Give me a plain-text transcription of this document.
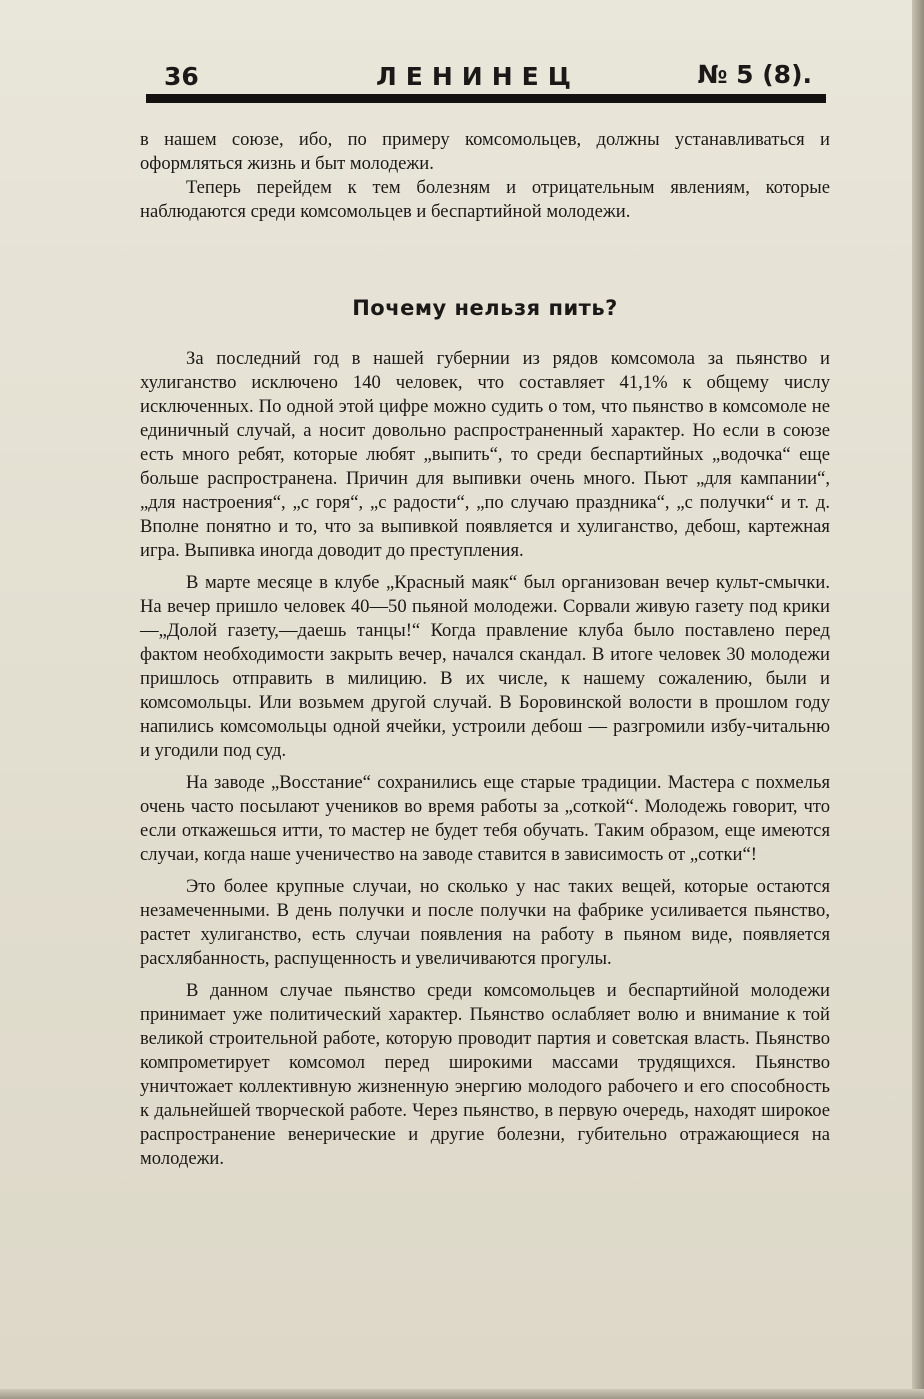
36	ЛЕНИНЕЦ	№ 5 (8).

в нашем союзе, ибо, по примеру комсомольцев, должны устанавливаться и оформляться жизнь и быт молодежи.

Теперь перейдем к тем болезням и отрицательным явлениям, которые наблюдаются среди комсомольцев и беспартийной молодежи.

Почему нельзя пить?

За последний год в нашей губернии из рядов комсомола за пьянство и хулиганство исключено 140 человек, что составляет 41,1% к общему числу исключенных. По одной этой цифре можно судить о том, что пьянство в комсомоле не единичный случай, а носит довольно распространенный характер. Но если в союзе есть много ребят, которые любят „выпить“, то среди беспартийных „водочка“ еще больше распространена. Причин для выпивки очень много. Пьют „для кампании“, „для настроения“, „с горя“, „с радости“, „по случаю праздника“, „с получки“ и т. д. Вполне понятно и то, что за выпивкой появляется и хулиганство, дебош, картежная игра. Выпивка иногда доводит до преступления.

В марте месяце в клубе „Красный маяк“ был организован вечер культ-смычки. На вечер пришло человек 40—50 пьяной молодежи. Сорвали живую газету под крики—„Долой газету,—даешь танцы!“ Когда правление клуба было поставлено перед фактом необходимости закрыть вечер, начался скандал. В итоге человек 30 молодежи пришлось отправить в милицию. В их числе, к нашему сожалению, были и комсомольцы. Или возьмем другой случай. В Боровинской волости в прошлом году напились комсомольцы одной ячейки, устроили дебош — разгромили избу-читальню и угодили под суд.

На заводе „Восстание“ сохранились еще старые традиции. Мастера с похмелья очень часто посылают учеников во время работы за „соткой“. Молодежь говорит, что если откажешься итти, то мастер не будет тебя обучать. Таким образом, еще имеются случаи, когда наше ученичество на заводе ставится в зависимость от „сотки“!

Это более крупные случаи, но сколько у нас таких вещей, которые остаются незамеченными. В день получки и после получки на фабрике усиливается пьянство, растет хулиганство, есть случаи появления на работу в пьяном виде, появляется расхлябанность, распущенность и увеличиваются прогулы.

В данном случае пьянство среди комсомольцев и беспартийной молодежи принимает уже политический характер. Пьянство ослабляет волю и внимание к той великой строительной работе, которую проводит партия и советская власть. Пьянство компрометирует комсомол перед широкими массами трудящихся. Пьянство уничтожает коллективную жизненную энергию молодого рабочего и его способность к дальнейшей творческой работе. Через пьянство, в первую очередь, находят широкое распространение венерические и другие болезни, губительно отражающиеся на молодежи.
